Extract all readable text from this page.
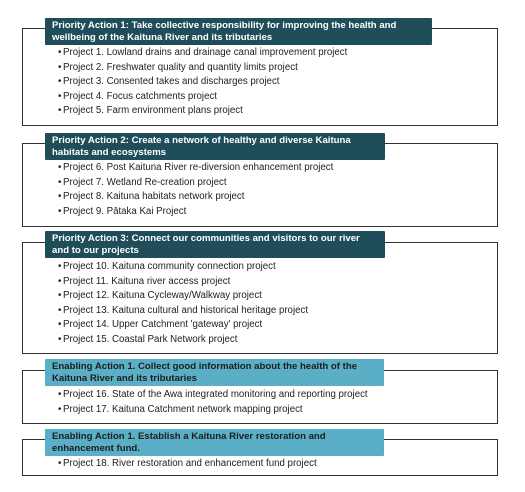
Priority Action 1: Take collective responsibility for improving the health and
wellbeing of the Kaituna River and its tributaries
• Project 1. Lowland drains and drainage canal improvement project
• Project 2. Freshwater quality and quantity limits project
• Project 3. Consented takes and discharges project
• Project 4. Focus catchments project
• Project 5. Farm environment plans project
Priority Action 2: Create a network of healthy and diverse Kaituna
habitats and ecosystems
• Project 6. Post Kaituna River re-diversion enhancement project
• Project 7. Wetland Re-creation project
• Project 8. Kaituna habitats network project
• Project 9. Pātaka Kai Project
Priority Action 3: Connect our communities and visitors to our river
and to our projects
• Project 10. Kaituna community connection project
• Project 11. Kaituna river access project
• Project 12. Kaituna Cycleway/Walkway project
• Project 13. Kaituna cultural and historical heritage project
• Project 14. Upper Catchment 'gateway' project
• Project 15. Coastal Park Network project
Enabling Action 1. Collect good information about the health of the
Kaituna River and its tributaries
• Project 16. State of the Awa integrated monitoring and reporting project
• Project 17. Kaituna Catchment network mapping project
Enabling Action 1. Establish a Kaituna River restoration and
enhancement fund.
• Project 18. River restoration and enhancement fund project
